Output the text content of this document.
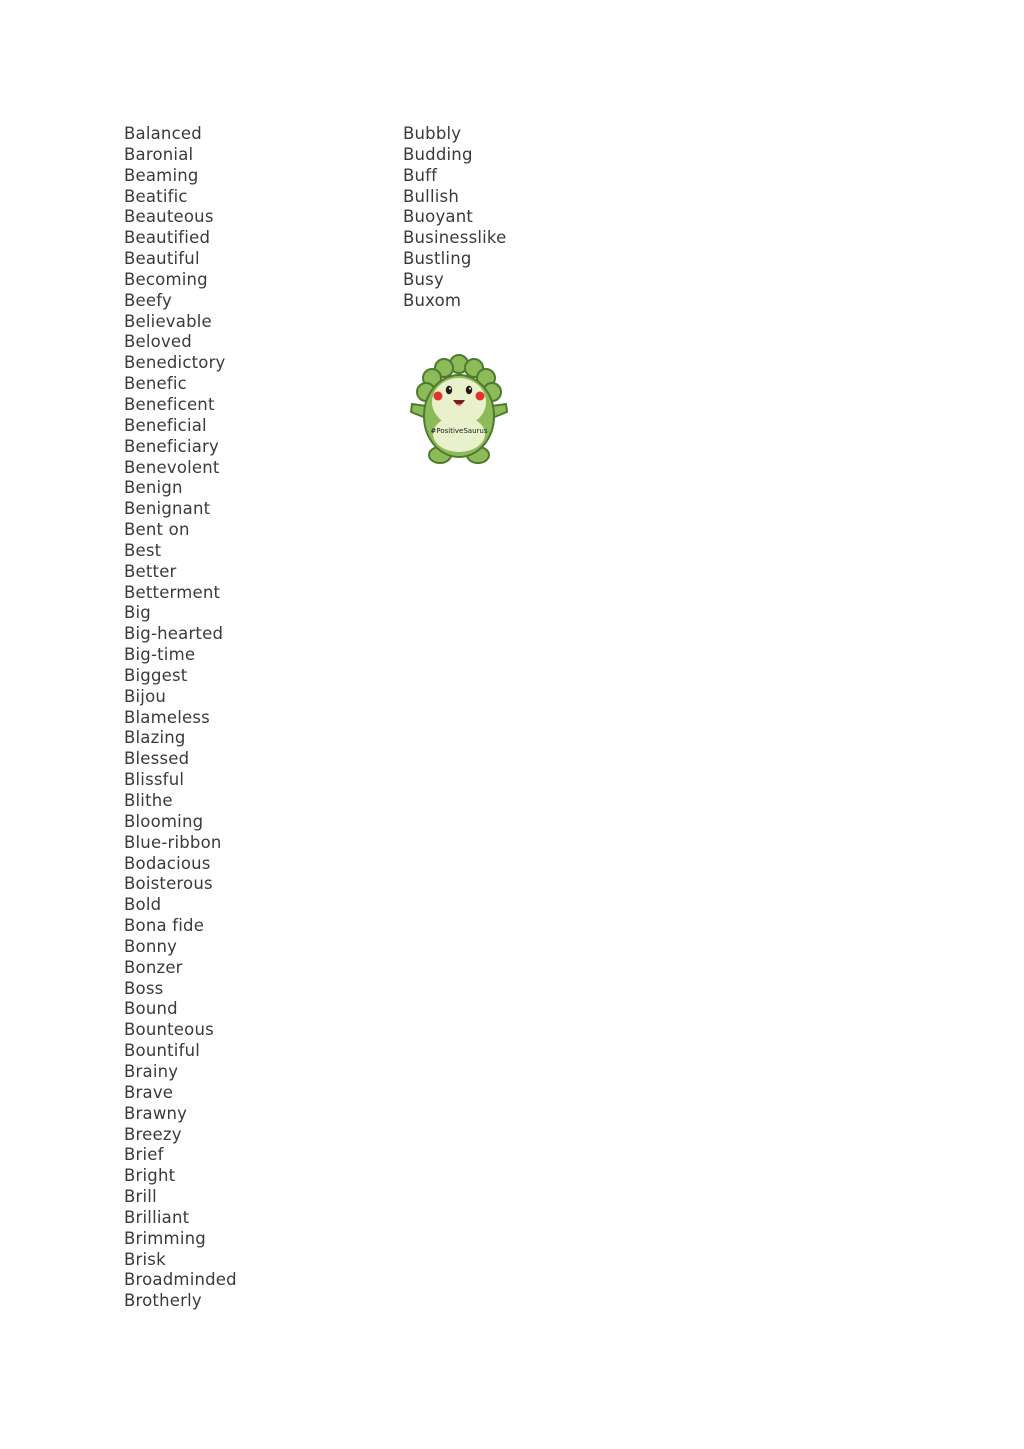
Balanced
Baronial
Beaming
Beatific
Beauteous
Beautified
Beautiful
Becoming
Beefy
Believable
Beloved
Benedictory
Benefic
Beneficent
Beneficial
Beneficiary
Benevolent
Benign
Benignant
Bent on
Best
Better
Betterment
Big
Big-hearted
Big-time
Biggest
Bijou
Blameless
Blazing
Blessed
Blissful
Blithe
Blooming
Blue-ribbon
Bodacious
Boisterous
Bold
Bona fide
Bonny
Bonzer
Boss
Bound
Bounteous
Bountiful
Brainy
Brave
Brawny
Breezy
Brief
Bright
Brill
Brilliant
Brimming
Brisk
Broadminded
Brotherly
Bubbly
Budding
Buff
Bullish
Buoyant
Businesslike
Bustling
Busy
Buxom
#PositiveSaurus
